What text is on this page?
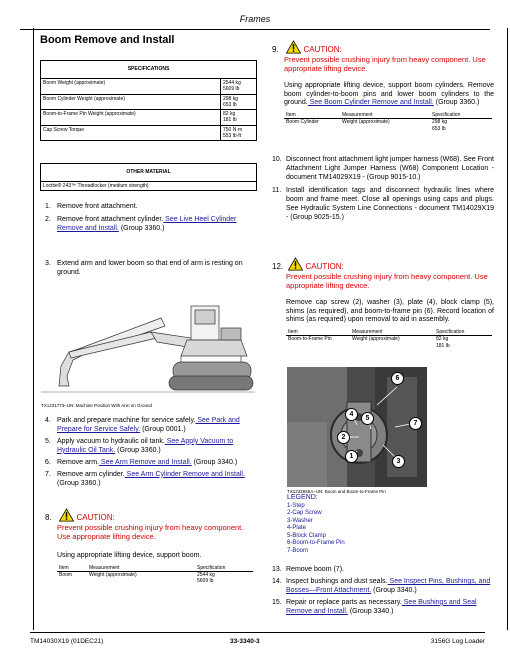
Frames
Boom Remove and Install
SPECIFICATIONS	
Boom Weight (approximate)	2544 kg
5609 lb

Boom Cylinder Weight (approximate)	298 kg
653 lb

Boom-to-Frame Pin Weight (approximate)	82 kg
181 lb

Cap Screw Torque	750 N·m
553 lb·ft
OTHER MATERIAL
Loctite® 243™ Threadlocker (medium strength)
1. Remove front attachment.
2. Remove front attachment cylinder. See Live Heel Cylinder Remove and Install. (Group 3360.)
3. Extend arm and lower boom so that end of arm is resting on ground.
TX1231773–UN: Machine Position With Arm on Ground
4. Park and prepare machine for service safely. See Park and Prepare for Service Safely. (Group 0001.)
5. Apply vacuum to hydraulic oil tank. See Apply Vacuum to Hydraulic Oil Tank. (Group 3360.)
6. Remove arm. See Arm Remove and Install. (Group 3340.)
7. Remove arm cylinder. See Arm Cylinder Remove and Install. (Group 3360.)
8.	CAUTION:
Prevent possible crushing injury from heavy component. Use appropriate lifting device.
Using appropriate lifting device, support boom.
Item	Measurement	Specification
Boom	Weight (approximate)	2544 kg
5609 lb
9.	CAUTION:
Prevent possible crushing injury from heavy component. Use appropriate lifting device.
Using appropriate lifting device, support boom cylinders. Remove boom cylinder-to-boom pins and lower boom cylinders to the ground. See Boom Cylinder Remove and Install. (Group 3360.)
Item	Measurement	Specification
Boom Cylinder	Weight (approximate)	298 kg
653 lb
10. Disconnect front attachment light jumper harness (W68). See Front Attachment Light Jumper Harness (W68) Component Location - document TM14029X19 - (Group 9015-10.)
11. Install identification tags and disconnect hydraulic lines where boom and frame meet. Close all openings using caps and plugs. See Hydraulic System Line Connections - document TM14029X19 - (Group 9025-15.)
12.	CAUTION:
Prevent possible crushing injury from heavy component. Use appropriate lifting device.
Remove cap screw (2), washer (3), plate (4), block clamp (5), shims (as required), and boom-to-frame pin (6). Record location of shims (as required) upon removal to aid in assembly.
Item	Measurement	Specification
Boom-to-Frame Pin	Weight (approximate)	82 kg
181 lb
6
4
5
7
2
1
3
TX1232655A–UN: Boom and Boom-to-Frame Pin
LEGEND:
1-Step
2-Cap Screw
3-Washer
4-Plate
5-Block Clamp
6-Boom-to-Frame Pin
7-Boom
13. Remove boom (7).
14. Inspect bushings and dust seals. See Inspect Pins, Bushings, and Bosses—Front Attachment. (Group 3340.)
15. Repair or replace parts as necessary. See Bushings and Seal Remove and Install. (Group 3340.)
TM14030X19 (01DEC21)	33-3340-3	3156G Log Loader
